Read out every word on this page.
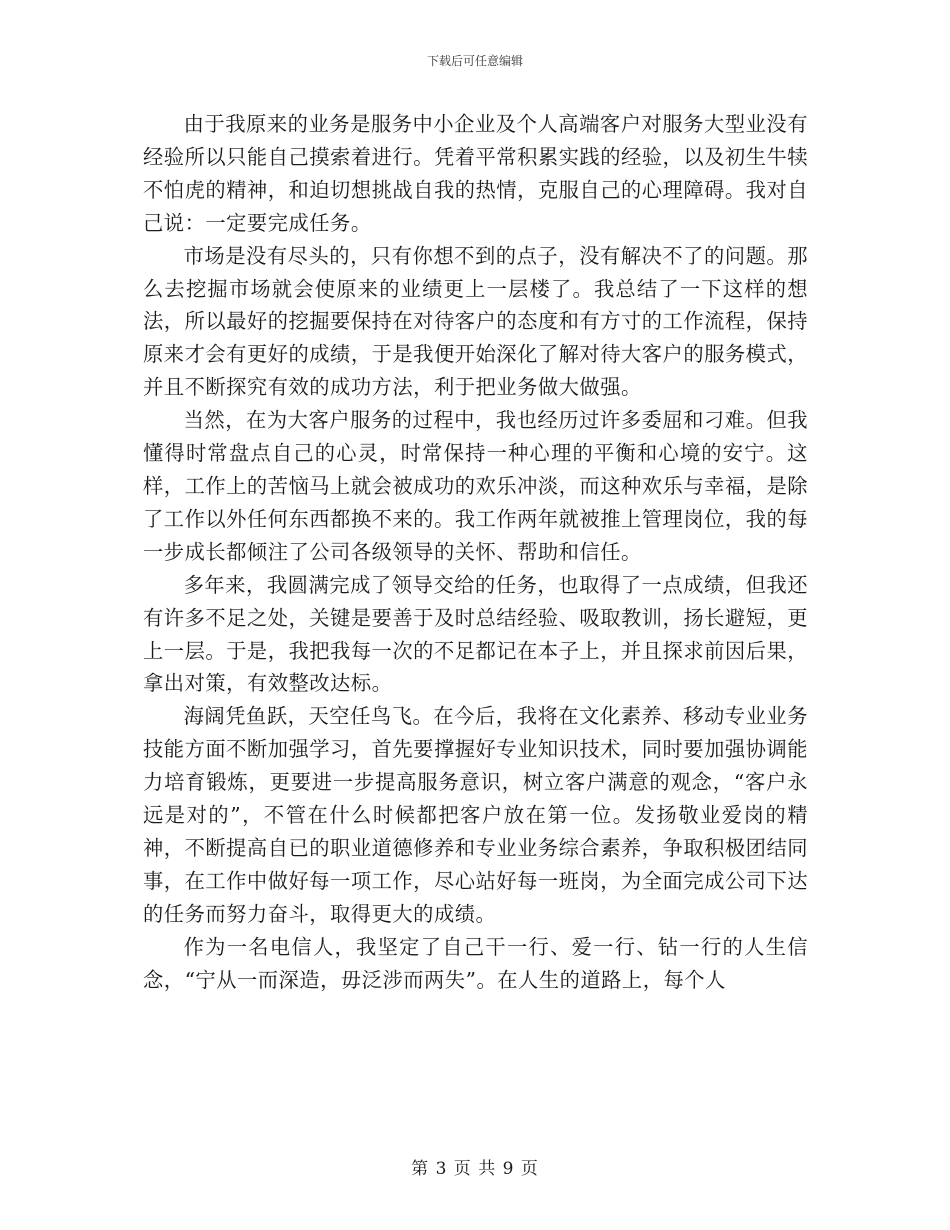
下载后可任意编辑

由于我原来的业务是服务中小企业及个人高端客户对服务大型业没有经验所以只能自己摸索着进行。凭着平常积累实践的经验，以及初生牛犊不怕虎的精神，和迫切想挑战自我的热情，克服自己的心理障碍。我对自己说：一定要完成任务。

市场是没有尽头的，只有你想不到的点子，没有解决不了的问题。那么去挖掘市场就会使原来的业绩更上一层楼了。我总结了一下这样的想法，所以最好的挖掘要保持在对待客户的态度和有方寸的工作流程，保持原来才会有更好的成绩，于是我便开始深化了解对待大客户的服务模式，并且不断探究有效的成功方法，利于把业务做大做强。

当然，在为大客户服务的过程中，我也经历过许多委屈和刁难。但我懂得时常盘点自己的心灵，时常保持一种心理的平衡和心境的安宁。这样，工作上的苦恼马上就会被成功的欢乐冲淡，而这种欢乐与幸福，是除了工作以外任何东西都换不来的。我工作两年就被推上管理岗位，我的每一步成长都倾注了公司各级领导的关怀、帮助和信任。

多年来，我圆满完成了领导交给的任务，也取得了一点成绩，但我还有许多不足之处，关键是要善于及时总结经验、吸取教训，扬长避短，更上一层。于是，我把我每一次的不足都记在本子上，并且探求前因后果，拿出对策，有效整改达标。

海阔凭鱼跃，天空任鸟飞。在今后，我将在文化素养、移动专业业务技能方面不断加强学习，首先要撑握好专业知识技术，同时要加强协调能力培育锻炼，更要进一步提高服务意识，树立客户满意的观念，“客户永远是对的”，不管在什么时候都把客户放在第一位。发扬敬业爱岗的精神，不断提高自已的职业道德修养和专业业务综合素养，争取积极团结同事，在工作中做好每一项工作，尽心站好每一班岗，为全面完成公司下达的任务而努力奋斗，取得更大的成绩。

作为一名电信人，我坚定了自己干一行、爱一行、钻一行的人生信念，“宁从一而深造，毋泛涉而两失”。在人生的道路上，每个人

第 3 页 共 9 页
